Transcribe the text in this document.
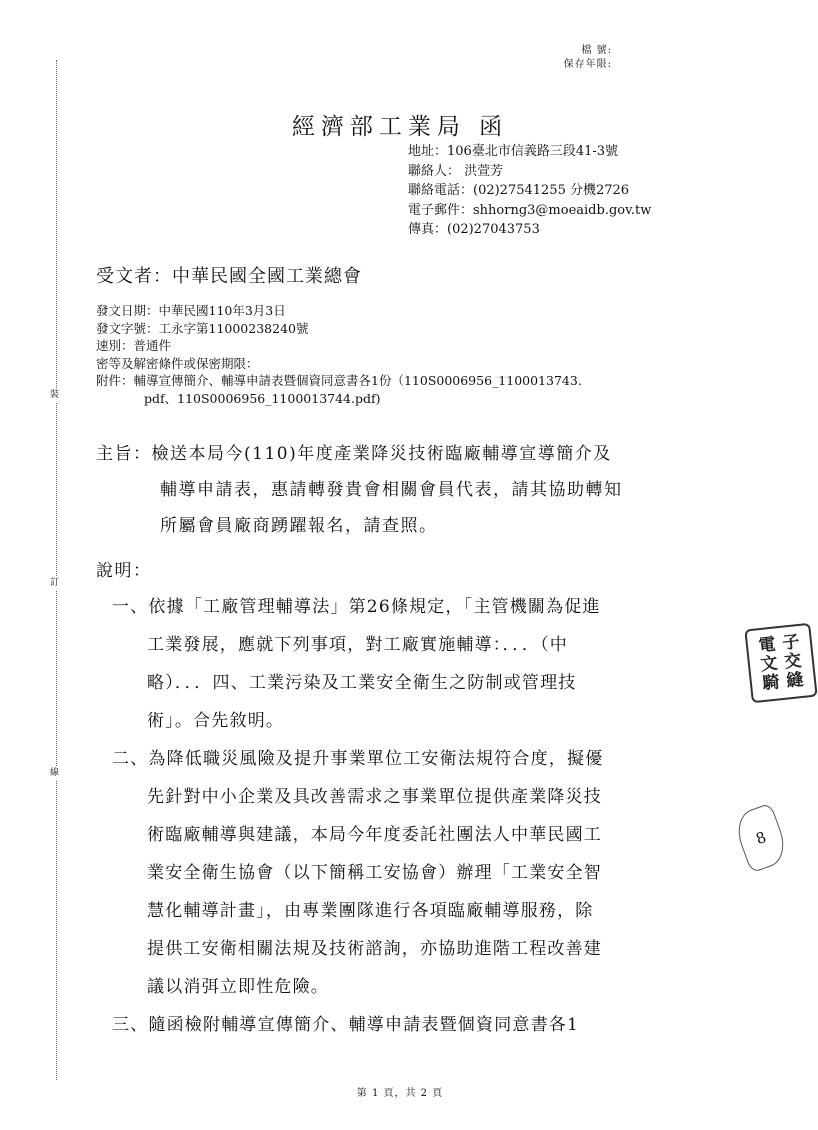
檔 號:
保存年限:
裝
訂
線
經濟部工業局 函
地址：106臺北市信義路三段41-3號
聯絡人： 洪萱芳
聯絡電話：(02)27541255 分機2726
電子郵件：shhorng3@moeaidb.gov.tw
傳真：(02)27043753
受文者：中華民國全國工業總會
發文日期：中華民國110年3月3日
發文字號：工永字第11000238240號
速別：普通件
密等及解密條件或保密期限：
附件：輔導宣傳簡介、輔導申請表暨個資同意書各1份（110S0006956_1100013743.
pdf、110S0006956_1100013744.pdf)
主旨：檢送本局今(110)年度產業降災技術臨廠輔導宣導簡介及
輔導申請表，惠請轉發貴會相關會員代表，請其協助轉知
所屬會員廠商踴躍報名，請查照。
說明：
一、依據「工廠管理輔導法」第26條規定，「主管機關為促進
工業發展，應就下列事項，對工廠實施輔導：．．．（中
略）．．．四、工業污染及工業安全衛生之防制或管理技
術」。合先敘明。
二、為降低職災風險及提升事業單位工安衛法規符合度，擬優
先針對中小企業及具改善需求之事業單位提供產業降災技
術臨廠輔導與建議，本局今年度委託社團法人中華民國工
業安全衛生協會（以下簡稱工安協會）辦理「工業安全智
慧化輔導計畫」，由專業團隊進行各項臨廠輔導服務，除
提供工安衛相關法規及技術諮詢，亦協助進階工程改善建
議以消弭立即性危險。
三、隨函檢附輔導宣傳簡介、輔導申請表暨個資同意書各1
電 子
文 交
騎 縫
8
第 1 頁，共 2 頁
